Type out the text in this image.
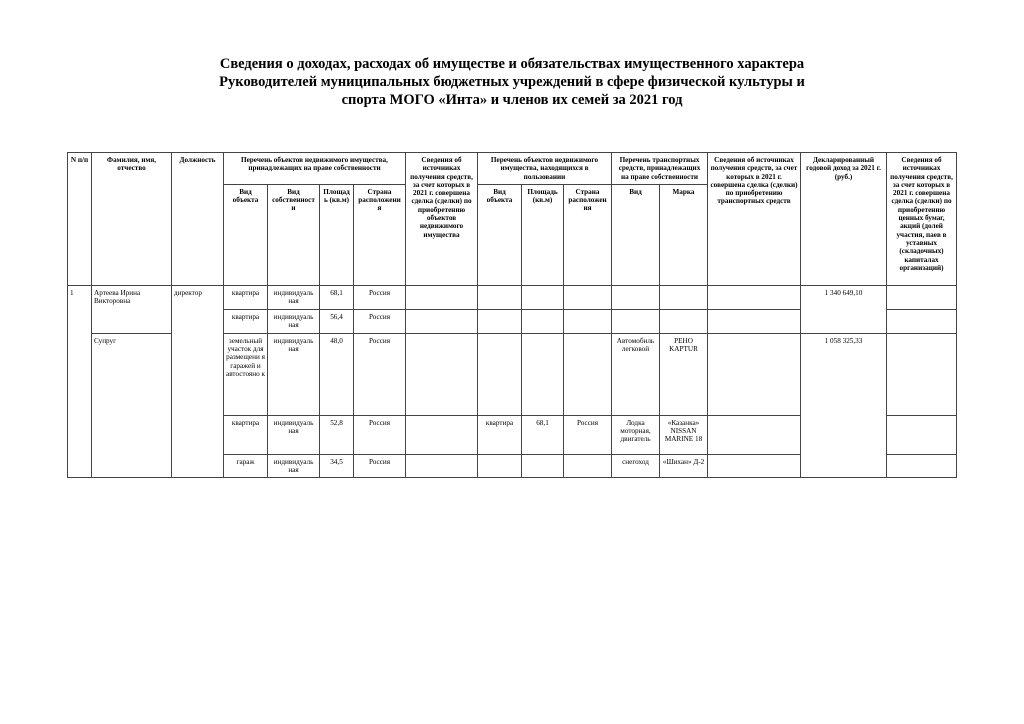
Сведения о доходах, расходах об имуществе и обязательствах имущественного характера
Руководителей муниципальных бюджетных учреждений в сфере физической культуры и
спорта МОГО «Инта» и членов их семей за 2021 год
N п/п	Фамилия, имя, отчество	Должность	Перечень объектов недвижимого имущества, принадлежащих на праве собственности				Сведения об источниках получения средств, за счет которых в 2021 г. совершена сделка (сделки) по приобретению объектов недвижимого имущества	Перечень объектов недвижимого имущества, находящихся в пользовании			Перечень транспортных средств, принадлежащих на праве собственности		Сведения об источниках получения средств, за счет которых в 2021 г. совершена сделка (сделки) по приобретению транспортных средств	Декларированный годовой доход за 2021 г. (руб.)	Сведения об источниках получения средств, за счет которых в 2021 г. совершена сделка (сделки) по приобретению ценных бумаг, акций (долей участия, паев в уставных (складочных) капиталах организаций)
			Вид объекта	Вид собственност и	Площад ь (кв.м)	Страна расположени я		Вид объекта	Площадь (кв.м)	Страна расположен ия	Вид	Марка			
1	Артеева Ирина Викторовна	директор	квартира	индивидуаль ная	68,1	Россия								1 340 649,10	
			квартира	индивидуаль ная	56,4	Россия									
	Супруг		земельный участок для размещени я гаражей и автостояно к	индивидуаль ная	48,0	Россия					Автомобиль легковой	РЕНО KAPTUR		1 058 325,33	
			квартира	индивидуаль ная	52,8	Россия		квартира	68,1	Россия	Лодка моторная, двигатель	«Казанка» NISSAN MARINE 18			
			гараж	индивидуаль ная	34,5	Россия					снегоход	«Шихан» Д-2			
